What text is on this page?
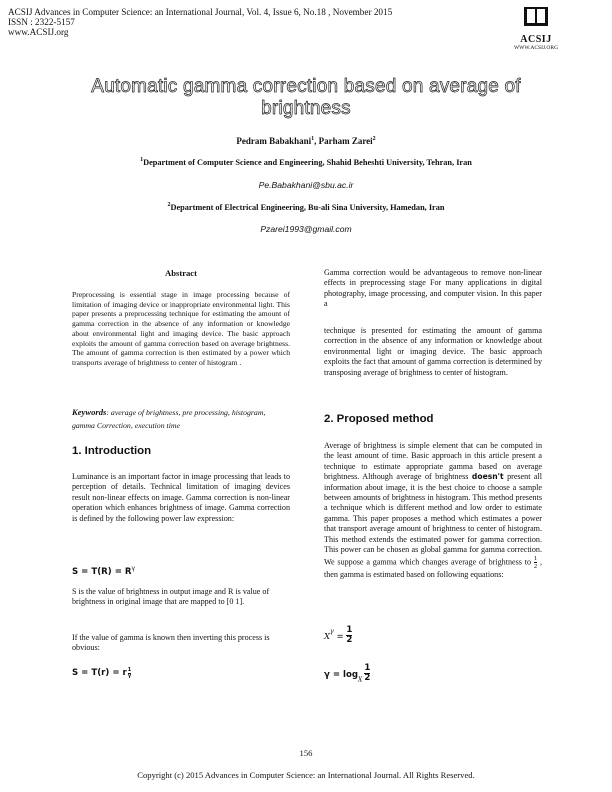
ACSIJ Advances in Computer Science: an International Journal, Vol. 4, Issue 6, No.18 , November 2015
ISSN : 2322-5157
www.ACSIJ.org
ACSIJ
WWW.ACSIJ.ORG
Automatic gamma correction based on average of brightness
Pedram Babakhani$^1$, Parham Zarei$^2$
$^1$Department of Computer Science and Engineering, Shahid Beheshti University, Tehran, Iran
Pe.Babakhani@sbu.ac.ir
$^2$Department of Electrical Engineering, Bu-ali Sina University, Hamedan, Iran
Pzarei1993@gmail.com
Abstract
Preprocessing is essential stage in image processing because of limitation of imaging device or inappropriate environmental light. This paper presents a preprocessing technique for estimating the amount of gamma correction in the absence of any information or knowledge about environmental light and imaging device. The basic approach exploits the amount of gamma correction based on average brightness. The amount of gamma correction is then estimated by a power which transports average of brightness to center of histogram .
Keywords: average of brightness, pre processing, histogram, gamma Correction, execution time
1. Introduction
Luminance is an important factor in image processing that leads to perception of details. Technical limitation of imaging devices result non-linear effects on image. Gamma correction is non-linear operation which enhances brightness of image. Gamma correction is defined by the following power law expression:
$S = T(R) = R^\gamma$
S is the value of brightness in output image and R is value of brightness in original image that are mapped to [0 1].
If the value of gamma is known then inverting this process is obvious:
S = T(r) = r $\frac{1}{\gamma}$
Gamma correction would be advantageous to remove non-linear effects in preprocessing stage For many applications in digital photography, image processing, and computer vision. In this paper a
technique is presented for estimating the amount of gamma correction in the absence of any information or knowledge about environmental light or imaging device. The basic approach exploits the fact that amount of gamma correction is determined by transposing average of brightness to center of histogram.
2. Proposed method
Average of brightness is simple element that can be computed in the least amount of time. Basic approach in this article present a technique to estimate appropriate gamma based on average brightness. Although average of brightness doesn't present all information about image, it is the best choice to choose a sample between amounts of brightness in histogram. This method presents a technique which is different method and low order to estimate gamma. This paper proposes a method which estimates a power that transport average amount of brightness to center of histogram. This method extends the estimated power for gamma correction. This power can be chosen as global gamma for gamma correction. We suppose a gamma which changes average of brightness to $\frac{1}{2}$ , then gamma is estimated based on following equations:
$X^\gamma = \frac{1}{2}$
$\gamma = \log_X \frac{1}{2}$
156
Copyright (c) 2015 Advances in Computer Science: an International Journal. All Rights Reserved.
